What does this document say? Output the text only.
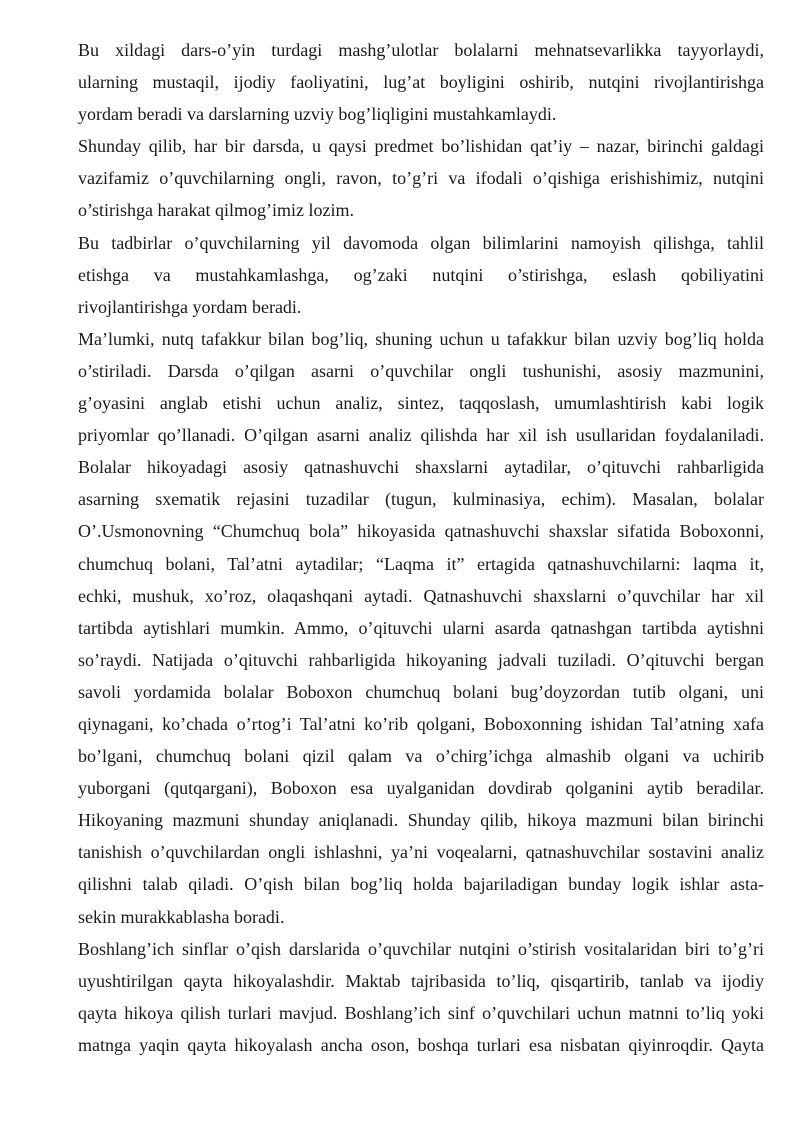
Bu xildagi dars-o’yin turdagi mashg’ulotlar bolalarni mehnatsevarlikka tayyorlaydi,
ularning mustaqil, ijodiy faoliyatini, lug’at boyligini oshirib, nutqini rivojlantirishga
yordam beradi va darslarning uzviy bog’liqligini mustahkamlaydi.

Shunday qilib, har bir darsda, u qaysi predmet bo’lishidan qat’iy – nazar, birinchi galdagi
vazifamiz o’quvchilarning ongli, ravon, to’g’ri va ifodali o’qishiga erishishimiz, nutqini
o’stirishga harakat qilmog’imiz lozim.

Bu tadbirlar o’quvchilarning yil davomoda olgan bilimlarini namoyish qilishga, tahlil
etishga va mustahkamlashga, og’zaki nutqini o’stirishga, eslash qobiliyatini
rivojlantirishga yordam beradi.

Ma’lumki, nutq tafakkur bilan bog’liq, shuning uchun u tafakkur bilan uzviy bog’liq holda
o’stiriladi. Darsda o’qilgan asarni o’quvchilar ongli tushunishi, asosiy mazmunini,
g’oyasini anglab etishi uchun analiz, sintez, taqqoslash, umumlashtirish kabi logik
priyomlar qo’llanadi. O’qilgan asarni analiz qilishda har xil ish usullaridan foydalaniladi.
Bolalar hikoyadagi asosiy qatnashuvchi shaxslarni aytadilar, o’qituvchi rahbarligida
asarning sxematik rejasini tuzadilar (tugun, kulminasiya, echim). Masalan, bolalar
O’.Usmonovning “Chumchuq bola” hikoyasida qatnashuvchi shaxslar sifatida Boboxonni,
chumchuq bolani, Tal’atni aytadilar; “Laqma it” ertagida qatnashuvchilarni: laqma it,
echki, mushuk, xo’roz, olaqashqani aytadi. Qatnashuvchi shaxslarni o’quvchilar har xil
tartibda aytishlari mumkin. Ammo, o’qituvchi ularni asarda qatnashgan tartibda aytishni
so’raydi. Natijada o’qituvchi rahbarligida hikoyaning jadvali tuziladi. O’qituvchi bergan
savoli yordamida bolalar Boboxon chumchuq bolani bug’doyzordan tutib olgani, uni
qiynagani, ko’chada o’rtog’i Tal’atni ko’rib qolgani, Boboxonning ishidan Tal’atning xafa
bo’lgani, chumchuq bolani qizil qalam va o’chirg’ichga almashib olgani va uchirib
yuborgani (qutqargani), Boboxon esa uyalganidan dovdirab qolganini aytib beradilar.
Hikoyaning mazmuni shunday aniqlanadi. Shunday qilib, hikoya mazmuni bilan birinchi
tanishish o’quvchilardan ongli ishlashni, ya’ni voqealarni, qatnashuvchilar sostavini analiz
qilishni talab qiladi. O’qish bilan bog’liq holda bajariladigan bunday logik ishlar asta-
sekin murakkablasha boradi.

Boshlang’ich sinflar o’qish darslarida o’quvchilar nutqini o’stirish vositalaridan biri to’g’ri
uyushtirilgan qayta hikoyalashdir. Maktab tajribasida to’liq, qisqartirib, tanlab va ijodiy
qayta hikoya qilish turlari mavjud. Boshlang’ich sinf o’quvchilari uchun matnni to’liq yoki
matnga yaqin qayta hikoyalash ancha oson, boshqa turlari esa nisbatan qiyinroqdir. Qayta
